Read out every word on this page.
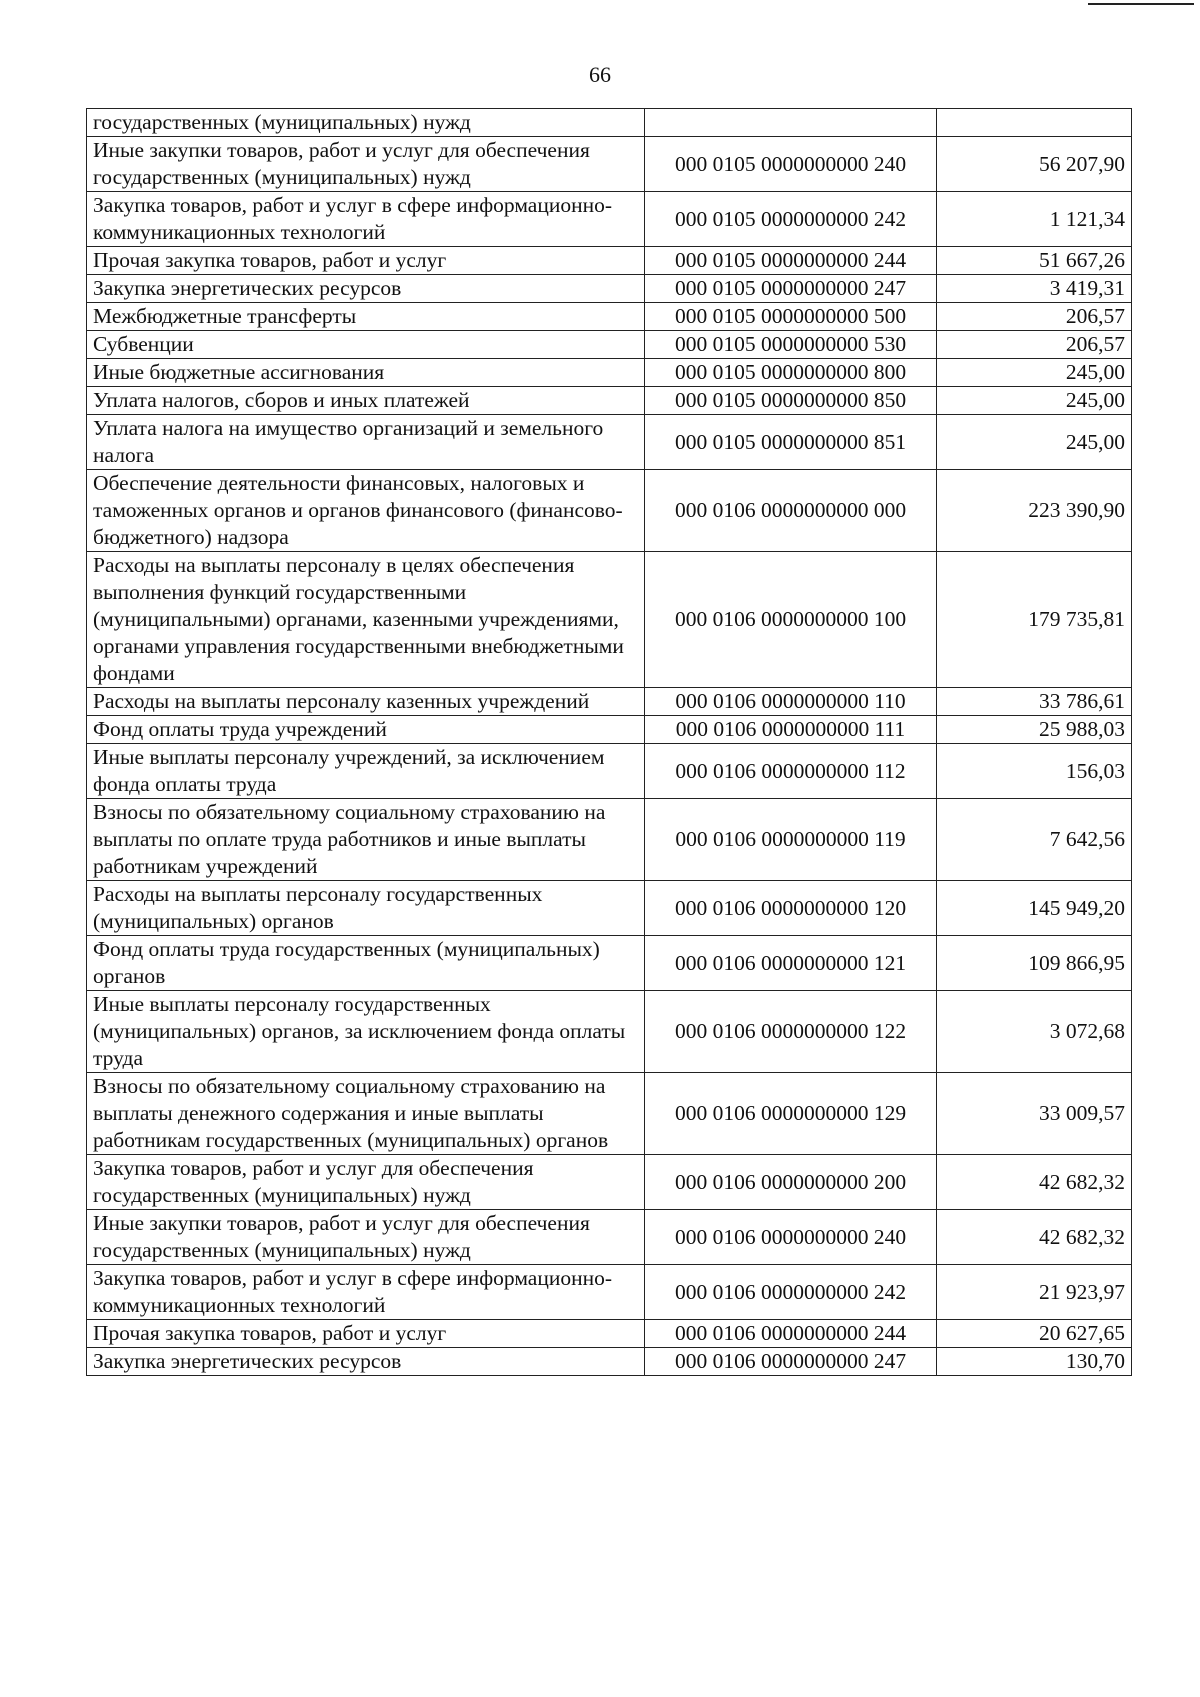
66
государственных (муниципальных) нужд		
Иные закупки товаров, работ и услуг для обеспечения государственных (муниципальных) нужд	000 0105 0000000000 240	56 207,90
Закупка товаров, работ и услуг в сфере информационно-коммуникационных технологий	000 0105 0000000000 242	1 121,34
Прочая закупка товаров, работ и услуг	000 0105 0000000000 244	51 667,26
Закупка энергетических ресурсов	000 0105 0000000000 247	3 419,31
Межбюджетные трансферты	000 0105 0000000000 500	206,57
Субвенции	000 0105 0000000000 530	206,57
Иные бюджетные ассигнования	000 0105 0000000000 800	245,00
Уплата налогов, сборов и иных платежей	000 0105 0000000000 850	245,00
Уплата налога на имущество организаций и земельного налога	000 0105 0000000000 851	245,00
Обеспечение деятельности финансовых, налоговых и таможенных органов и органов финансового (финансово-бюджетного) надзора	000 0106 0000000000 000	223 390,90
Расходы на выплаты персоналу в целях обеспечения выполнения функций государственными (муниципальными) органами, казенными учреждениями, органами управления государственными внебюджетными фондами	000 0106 0000000000 100	179 735,81
Расходы на выплаты персоналу казенных учреждений	000 0106 0000000000 110	33 786,61
Фонд оплаты труда учреждений	000 0106 0000000000 111	25 988,03
Иные выплаты персоналу учреждений, за исключением фонда оплаты труда	000 0106 0000000000 112	156,03
Взносы по обязательному социальному страхованию на выплаты по оплате труда работников и иные выплаты работникам учреждений	000 0106 0000000000 119	7 642,56
Расходы на выплаты персоналу государственных (муниципальных) органов	000 0106 0000000000 120	145 949,20
Фонд оплаты труда государственных (муниципальных) органов	000 0106 0000000000 121	109 866,95
Иные выплаты персоналу государственных (муниципальных) органов, за исключением фонда оплаты труда	000 0106 0000000000 122	3 072,68
Взносы по обязательному социальному страхованию на выплаты денежного содержания и иные выплаты работникам государственных (муниципальных) органов	000 0106 0000000000 129	33 009,57
Закупка товаров, работ и услуг для обеспечения государственных (муниципальных) нужд	000 0106 0000000000 200	42 682,32
Иные закупки товаров, работ и услуг для обеспечения государственных (муниципальных) нужд	000 0106 0000000000 240	42 682,32
Закупка товаров, работ и услуг в сфере информационно-коммуникационных технологий	000 0106 0000000000 242	21 923,97
Прочая закупка товаров, работ и услуг	000 0106 0000000000 244	20 627,65
Закупка энергетических ресурсов	000 0106 0000000000 247	130,70
